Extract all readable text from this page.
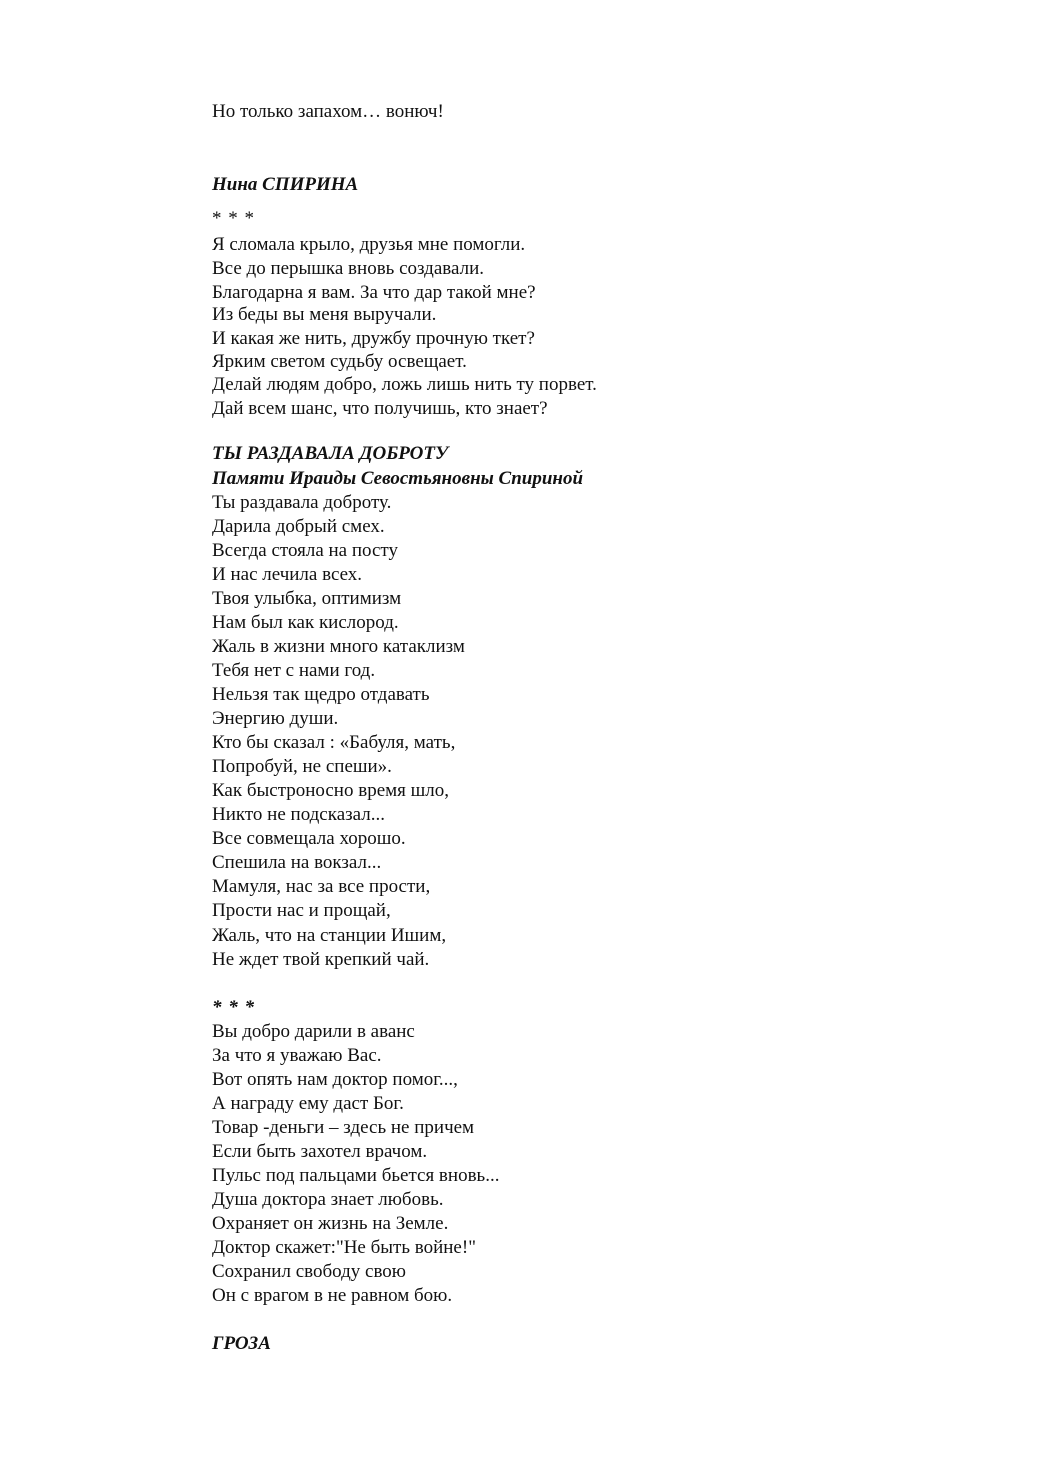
Но только запахом… вонюч!

Нина СПИРИНА

* * *

Я сломала крыло, друзья мне помогли.

Все до перышка вновь создавали.

Благодарна я вам. За что дар такой мне?

Из беды вы меня выручали.

И какая же нить, дружбу прочную ткет?

Ярким светом судьбу освещает.

Делай людям добро, ложь лишь нить ту порвет.

Дай всем шанс, что получишь, кто знает?

ТЫ РАЗДАВАЛА ДОБРОТУ

Памяти Ираиды Севостьяновны Спириной

Ты раздавала доброту.

Дарила добрый смех.

Всегда стояла на посту

И нас лечила всех.

Твоя улыбка, оптимизм

Нам был как кислород.

Жаль в жизни много катаклизм

Тебя нет с нами год.

Нельзя так щедро отдавать

Энергию души.

Кто бы сказал : «Бабуля, мать,

Попробуй, не спеши».

Как быстроносно время шло,

Никто не подсказал...

Все совмещала хорошо.

Спешила на вокзал...

Мамуля, нас за все прости,

Прости нас и прощай,

Жаль, что на станции Ишим,

Не ждет твой крепкий чай.

* * *

Вы добро дарили в аванс

За что я уважаю Вас.

Вот опять нам доктор помог...,

А награду ему даст Бог.

Товар -деньги – здесь не причем

Если быть захотел врачом.

Пульс под пальцами бьется вновь...

Душа доктора знает любовь.

Охраняет он жизнь на Земле.

Доктор скажет:"Не быть войне!"

Сохранил свободу свою

Он с врагом в не равном бою.

ГРОЗА
